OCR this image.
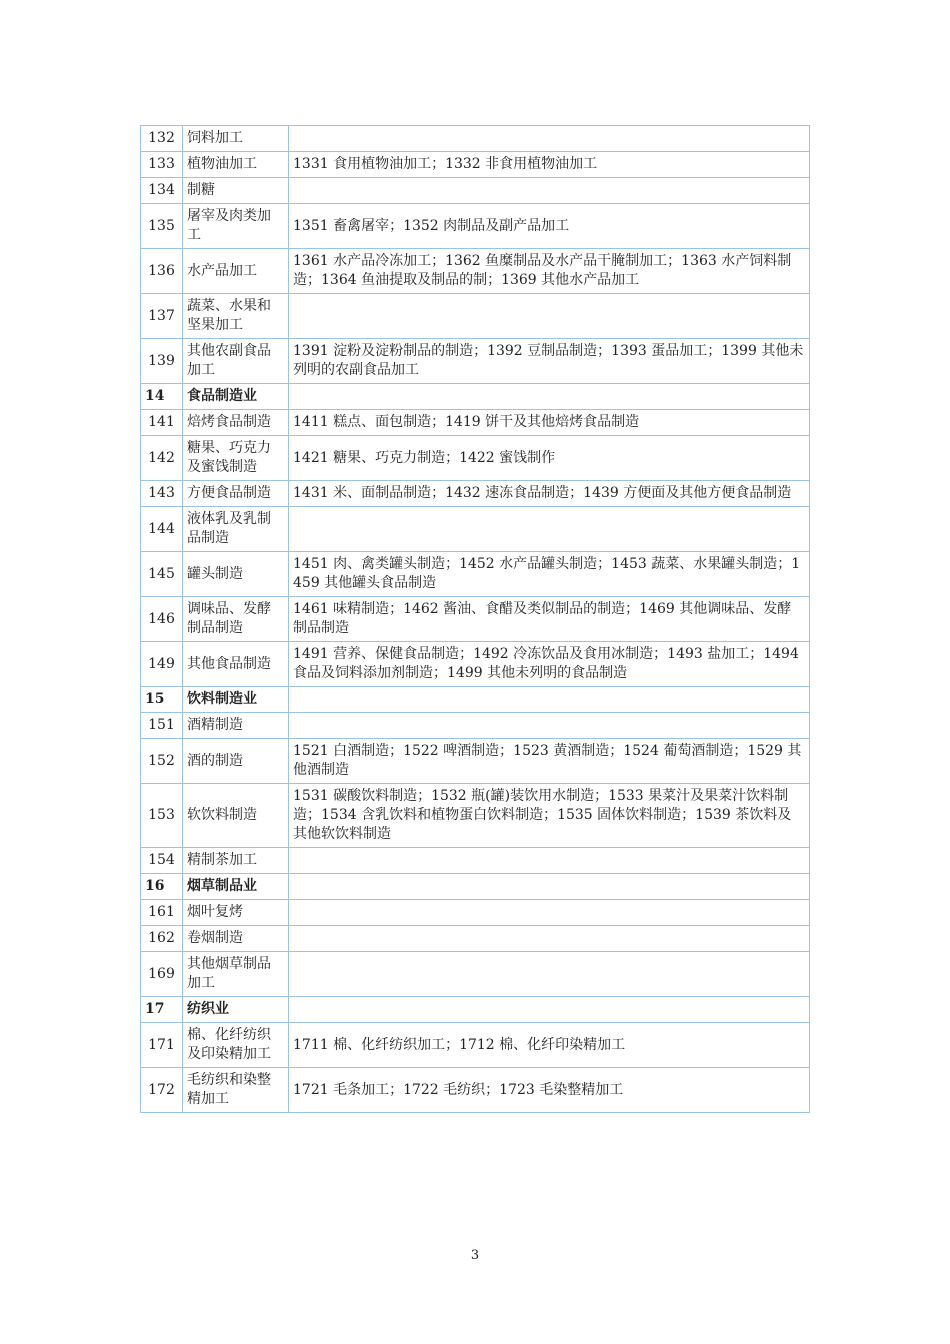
132	饲料加工	
133	植物油加工	1331 食用植物油加工；1332 非食用植物油加工
134	制糖	
135	屠宰及肉类加工	1351 畜禽屠宰；1352 肉制品及副产品加工
136	水产品加工	1361 水产品冷冻加工；1362 鱼糜制品及水产品干腌制加工；1363 水产饲料制造；1364 鱼油提取及制品的制；1369 其他水产品加工
137	蔬菜、水果和坚果加工	
139	其他农副食品加工	1391 淀粉及淀粉制品的制造；1392 豆制品制造；1393 蛋品加工；1399 其他未列明的农副食品加工
14	食品制造业	
141	焙烤食品制造	1411 糕点、面包制造；1419 饼干及其他焙烤食品制造
142	糖果、巧克力及蜜饯制造	1421 糖果、巧克力制造；1422 蜜饯制作
143	方便食品制造	1431 米、面制品制造；1432 速冻食品制造；1439 方便面及其他方便食品制造
144	液体乳及乳制品制造	
145	罐头制造	1451 肉、禽类罐头制造；1452 水产品罐头制造；1453 蔬菜、水果罐头制造；1459 其他罐头食品制造
146	调味品、发酵制品制造	1461 味精制造；1462 酱油、食醋及类似制品的制造；1469 其他调味品、发酵制品制造
149	其他食品制造	1491 营养、保健食品制造；1492 冷冻饮品及食用冰制造；1493 盐加工；1494 食品及饲料添加剂制造；1499 其他未列明的食品制造
15	饮料制造业	
151	酒精制造	
152	酒的制造	1521 白酒制造；1522 啤酒制造；1523 黄酒制造；1524 葡萄酒制造；1529 其他酒制造
153	软饮料制造	1531 碳酸饮料制造；1532 瓶(罐)装饮用水制造；1533 果菜汁及果菜汁饮料制造；1534 含乳饮料和植物蛋白饮料制造；1535 固体饮料制造；1539 茶饮料及其他软饮料制造
154	精制茶加工	
16	烟草制品业	
161	烟叶复烤	
162	卷烟制造	
169	其他烟草制品加工	
17	纺织业	
171	棉、化纤纺织及印染精加工	1711 棉、化纤纺织加工；1712 棉、化纤印染精加工
172	毛纺织和染整精加工	1721 毛条加工；1722 毛纺织；1723 毛染整精加工
3
